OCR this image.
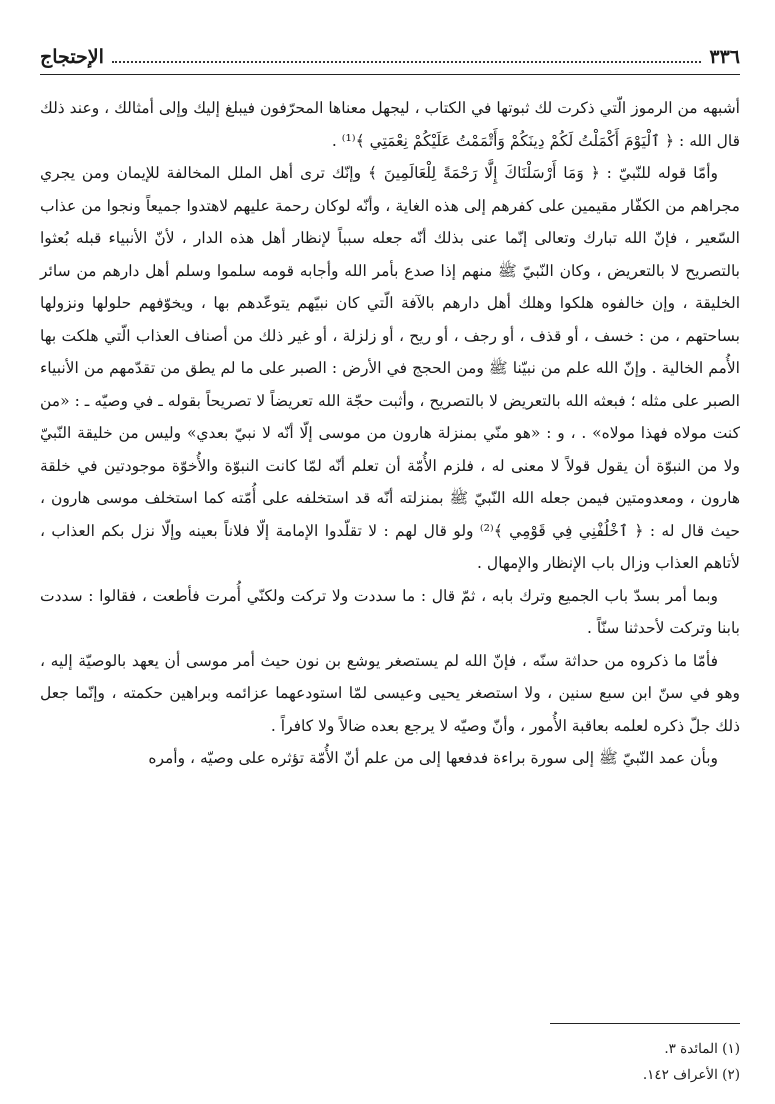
٣٣٦
الإحتجاج

أشبهه من الرموز الّتي ذكرت لك ثبوتها في الكتاب ، ليجهل معناها المحرّفون فيبلغ إليك وإلى أمثالك ، وعند ذلك قال الله : ﴿ ٱلْيَوْمَ أَكْمَلْتُ لَكُمْ دِينَكُمْ وَأَتْمَمْتُ عَلَيْكُمْ نِعْمَتِي ﴾⁽¹⁾ .

وأمّا قوله للنّبيّ : ﴿ وَمَا أَرْسَلْنَاكَ إِلَّا رَحْمَةً لِلْعَالَمِينَ ﴾ وإنّك ترى أهل الملل المخالفة للإيمان ومن يجري مجراهم من الكفّار مقيمين على كفرهم إلى هذه الغاية ، وأنّه لوكان رحمة عليهم لاهتدوا جميعاً ونجوا من عذاب السّعير ، فإنّ الله تبارك وتعالى إنّما عنى بذلك أنّه جعله سبباً لإنظار أهل هذه الدار ، لأنّ الأنبياء قبله بُعثوا بالتصريح لا بالتعريض ، وكان النّبيّ ﷺ منهم إذا صدع بأمر الله وأجابه قومه سلموا وسلم أهل دارهم من سائر الخليقة ، وإن خالفوه هلكوا وهلك أهل دارهم بالآفة الّتي كان نبيّهم يتوعّدهم بها ، ويخوّفهم حلولها ونزولها بساحتهم ، من : خسف ، أو قذف ، أو رجف ، أو ريح ، أو زلزلة ، أو غير ذلك من أصناف العذاب الّتي هلكت بها الأُمم الخالية . وإنّ الله علم من نبيّنا ﷺ ومن الحجج في الأرض : الصبر على ما لم يطق من تقدّمهم من الأنبياء الصبر على مثله ؛ فبعثه الله بالتعريض لا بالتصريح ، وأثبت حجّة الله تعريضاً لا تصريحاً بقوله ـ في وصيّه ـ : «من كنت مولاه فهذا مولاه» . ، و : «هو منّي بمنزلة هارون من موسى إلّا أنّه لا نبيّ بعدي» وليس من خليقة النّبيّ ولا من النبوّة أن يقول قولاً لا معنى له ، فلزم الأُمّة أن تعلم أنّه لمّا كانت النبوّة والأُخوّة موجودتين في خلقة هارون ، ومعدومتين فيمن جعله الله النّبيّ ﷺ بمنزلته أنّه قد استخلفه على أُمّته كما استخلف موسى هارون ، حيث قال له : ﴿ ٱخْلُفْنِي فِي قَوْمِي ﴾⁽²⁾ ولو قال لهم : لا تقلّدوا الإمامة إلّا فلاناً بعينه وإلّا نزل بكم العذاب ، لأتاهم العذاب وزال باب الإنظار والإمهال .

وبما أمر بسدّ باب الجميع وترك بابه ، ثمّ قال : ما سددت ولا تركت ولكنّي أُمرت فأطعت ، فقالوا : سددت بابنا وتركت لأحدثنا سنّاً .

فأمّا ما ذكروه من حداثة سنّه ، فإنّ الله لم يستصغر يوشع بن نون حيث أمر موسى أن يعهد بالوصيّة إليه ، وهو في سنّ ابن سبع سنين ، ولا استصغر يحيى وعيسى لمّا استودعهما عزائمه وبراهين حكمته ، وإنّما جعل ذلك جلّ ذكره لعلمه بعاقبة الأُمور ، وأنّ وصيّه لا يرجع بعده ضالاً ولا كافراً .

وبأن عمد النّبيّ ﷺ إلى سورة براءة فدفعها إلى من علم أنّ الأُمّة تؤثره على وصيّه ، وأمره

(١) المائدة ٣.

(٢) الأعراف ١٤٢.
